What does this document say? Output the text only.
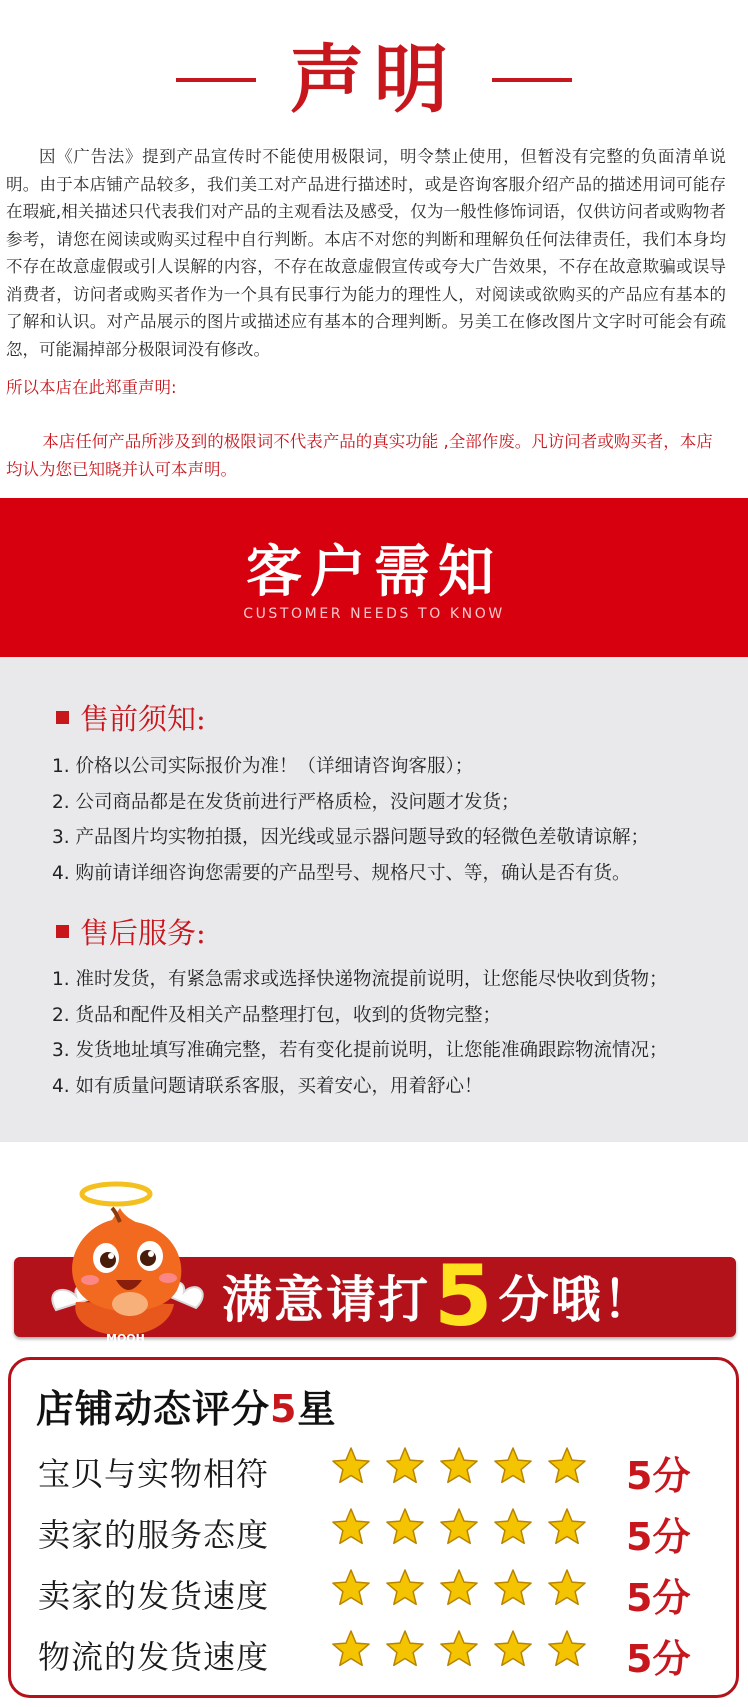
声明
因《广告法》提到产品宣传时不能使用极限词，明令禁止使用，但暂没有完整的负面清单说明。由于本店铺产品较多，我们美工对产品进行描述时，或是咨询客服介绍产品的描述用词可能存在瑕疵,相关描述只代表我们对产品的主观看法及感受，仅为一般性修饰词语，仅供访问者或购物者参考，请您在阅读或购买过程中自行判断。本店不对您的判断和理解负任何法律责任，我们本身均不存在故意虚假或引人误解的内容，不存在故意虚假宣传或夸大广告效果，不存在故意欺骗或误导消费者，访问者或购买者作为一个具有民事行为能力的理性人，对阅读或欲购买的产品应有基本的了解和认识。对产品展示的图片或描述应有基本的合理判断。另美工在修改图片文字时可能会有疏忽，可能漏掉部分极限词没有修改。
所以本店在此郑重声明:
本店任何产品所涉及到的极限词不代表产品的真实功能 ,全部作废。凡访问者或购买者，本店均认为您已知晓并认可本声明。
客户需知
CUSTOMER NEEDS TO KNOW
售前须知:
1. 价格以公司实际报价为准！（详细请咨询客服）；
2. 公司商品都是在发货前进行严格质检，没问题才发货；
3. 产品图片均实物拍摄，因光线或显示器问题导致的轻微色差敬请谅解；
4. 购前请详细咨询您需要的产品型号、规格尺寸、等，确认是否有货。
售后服务:
1. 准时发货，有紧急需求或选择快递物流提前说明，让您能尽快收到货物；
2. 货品和配件及相关产品整理打包，收到的货物完整；
3. 发货地址填写准确完整，若有变化提前说明，让您能准确跟踪物流情况；
4. 如有质量问题请联系客服，买着安心，用着舒心！
MOOH
满意请打 5 分哦！
店铺动态评分5星
宝贝与实物相符	5分
卖家的服务态度	5分
卖家的发货速度	5分
物流的发货速度	5分
